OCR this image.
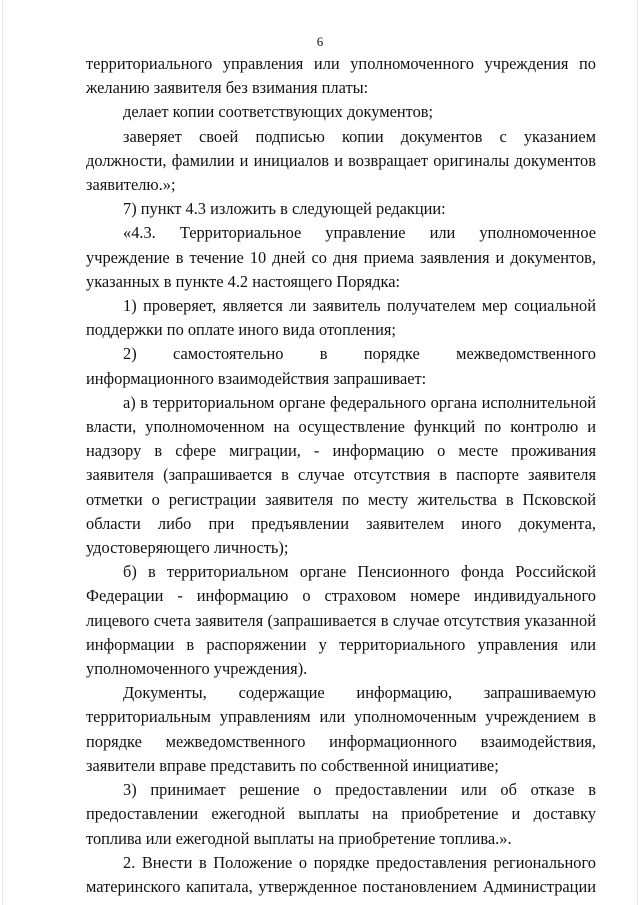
6

территориального управления или уполномоченного учреждения по желанию заявителя без взимания платы:

делает копии соответствующих документов;

заверяет своей подписью копии документов с указанием должности, фамилии и инициалов и возвращает оригиналы документов заявителю.»;

7) пункт 4.3 изложить в следующей редакции:

«4.3. Территориальное управление или уполномоченное учреждение в течение 10 дней со дня приема заявления и документов, указанных в пункте 4.2 настоящего Порядка:

1) проверяет, является ли заявитель получателем мер социальной поддержки по оплате иного вида отопления;

2) самостоятельно в порядке межведомственного информационного взаимодействия запрашивает:

а) в территориальном органе федерального органа исполнительной власти, уполномоченном на осуществление функций по контролю и надзору в сфере миграции, - информацию о месте проживания заявителя (запрашивается в случае отсутствия в паспорте заявителя отметки о регистрации заявителя по месту жительства в Псковской области либо при предъявлении заявителем иного документа, удостоверяющего личность);

б) в территориальном органе Пенсионного фонда Российской Федерации - информацию о страховом номере индивидуального лицевого счета заявителя (запрашивается в случае отсутствия указанной информации в распоряжении у территориального управления или уполномоченного учреждения).

Документы, содержащие информацию, запрашиваемую территориальным управлениям или уполномоченным учреждением в порядке межведомственного информационного взаимодействия, заявители вправе представить по собственной инициативе;

3) принимает решение о предоставлении или об отказе в предоставлении ежегодной выплаты на приобретение и доставку топлива или ежегодной выплаты на приобретение топлива.».

2. Внести в Положение о порядке предоставления регионального материнского капитала, утвержденное постановлением Администрации
